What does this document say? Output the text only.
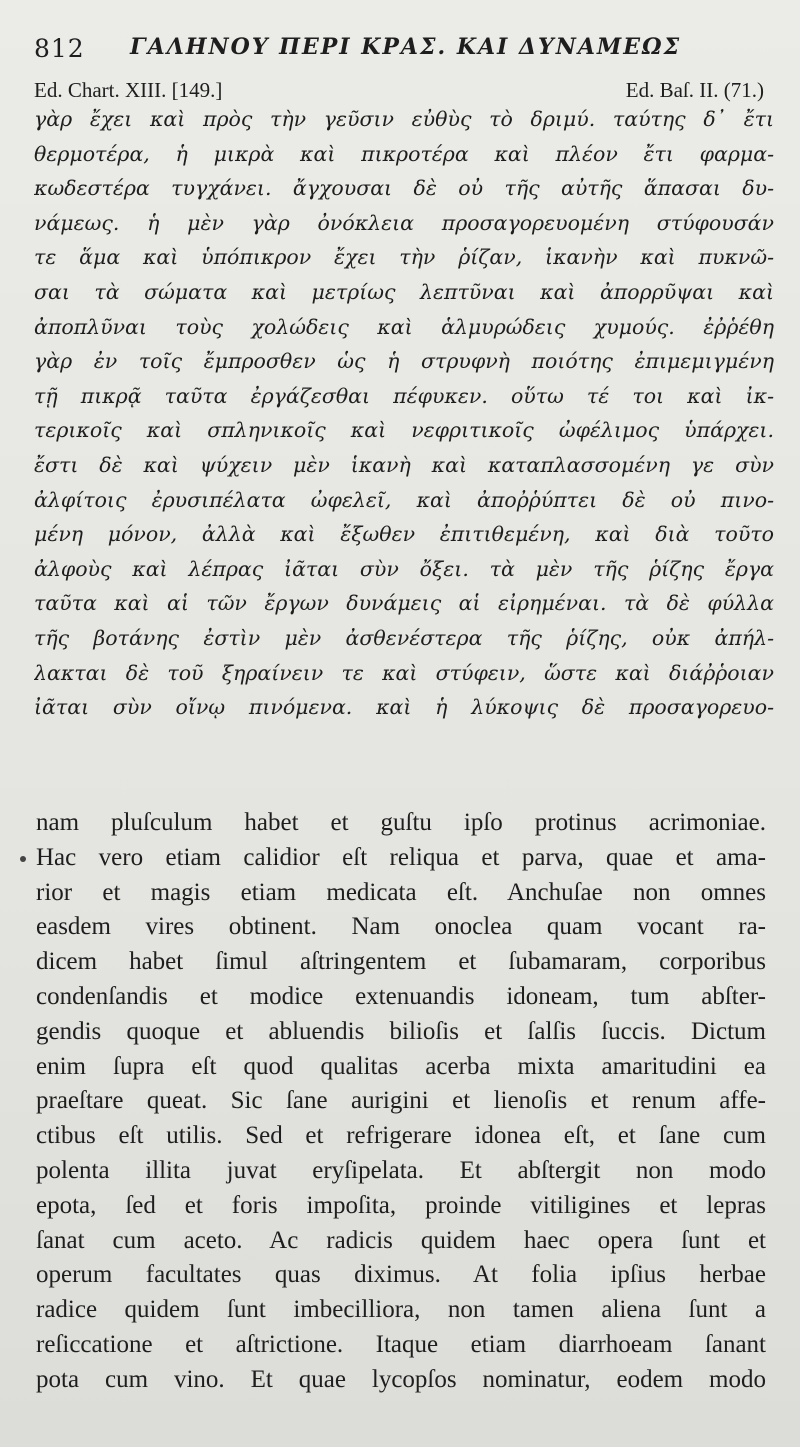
812 ΓΑΛΗΝΟΥ ΠΕΡΙ ΚΡΑΣ. ΚΑΙ ΔΥΝΑΜΕΩΣ
Ed. Chart. XIII. [149.]	Ed. Baſ. II. (71.)
γὰρ ἔχει καὶ πρὸς τὴν γεῦσιν εὐθὺς τὸ δριμύ. ταύτης δ᾽ ἔτι
θερμοτέρα, ἡ μικρὰ καὶ πικροτέρα καὶ πλέον ἔτι φαρμα-
κωδεστέρα τυγχάνει. ἄγχουσαι δὲ οὐ τῆς αὐτῆς ἅπασαι δυ-
νάμεως. ἡ μὲν γὰρ ὀνόκλεια προσαγορευομένη στύφουσάν
τε ἅμα καὶ ὑπόπικρον ἔχει τὴν ῥίζαν, ἱκανὴν καὶ πυκνῶ-
σαι τὰ σώματα καὶ μετρίως λεπτῦναι καὶ ἀπορρῦψαι καὶ
ἀποπλῦναι τοὺς χολώδεις καὶ ἁλμυρώδεις χυμούς. ἐῤῥέθη
γὰρ ἐν τοῖς ἔμπροσθεν ὡς ἡ στρυφνὴ ποιότης ἐπιμεμιγμένη
τῇ πικρᾷ ταῦτα ἐργάζεσθαι πέφυκεν. οὕτω τέ τοι καὶ ἰκ-
τερικοῖς καὶ σπληνικοῖς καὶ νεφριτικοῖς ὠφέλιμος ὑπάρχει.
ἔστι δὲ καὶ ψύχειν μὲν ἱκανὴ καὶ καταπλασσομένη γε σὺν
ἀλφίτοις ἐρυσιπέλατα ὠφελεῖ, καὶ ἀποῤῥύπτει δὲ οὐ πινο-
μένη μόνον, ἀλλὰ καὶ ἔξωθεν ἐπιτιθεμένη, καὶ διὰ τοῦτο
ἀλφοὺς καὶ λέπρας ἰᾶται σὺν ὄξει. τὰ μὲν τῆς ῥίζης ἔργα
ταῦτα καὶ αἱ τῶν ἔργων δυνάμεις αἱ εἰρημέναι. τὰ δὲ φύλλα
τῆς βοτάνης ἐστὶν μὲν ἀσθενέστερα τῆς ῥίζης, οὐκ ἀπήλ-
λακται δὲ τοῦ ξηραίνειν τε καὶ στύφειν, ὥστε καὶ διάῤῥοιαν
ἰᾶται σὺν οἴνῳ πινόμενα. καὶ ἡ λύκοψις δὲ προσαγορευο-
nam pluſculum habet et guſtu ipſo protinus acrimoniae.
Hac vero etiam calidior eſt reliqua et parva, quae et ama-
rior et magis etiam medicata eſt. Anchuſae non omnes
easdem vires obtinent. Nam onoclea quam vocant ra-
dicem habet ſimul aſtringentem et ſubamaram, corporibus
condenſandis et modice extenuandis idoneam, tum abſter-
gendis quoque et abluendis bilioſis et ſalſis ſuccis. Dictum
enim ſupra eſt quod qualitas acerba mixta amaritudini ea
praeſtare queat. Sic ſane aurigini et lienoſis et renum affe-
ctibus eſt utilis. Sed et refrigerare idonea eſt, et ſane cum
polenta illita juvat eryſipelata. Et abſtergit non modo
epota, ſed et foris impoſita, proinde vitiligines et lepras
ſanat cum aceto. Ac radicis quidem haec opera ſunt et
operum facultates quas diximus. At folia ipſius herbae
radice quidem ſunt imbecilliora, non tamen aliena ſunt a
reſiccatione et aſtrictione. Itaque etiam diarrhoeam ſanant
pota cum vino. Et quae lycopſos nominatur, eodem modo
